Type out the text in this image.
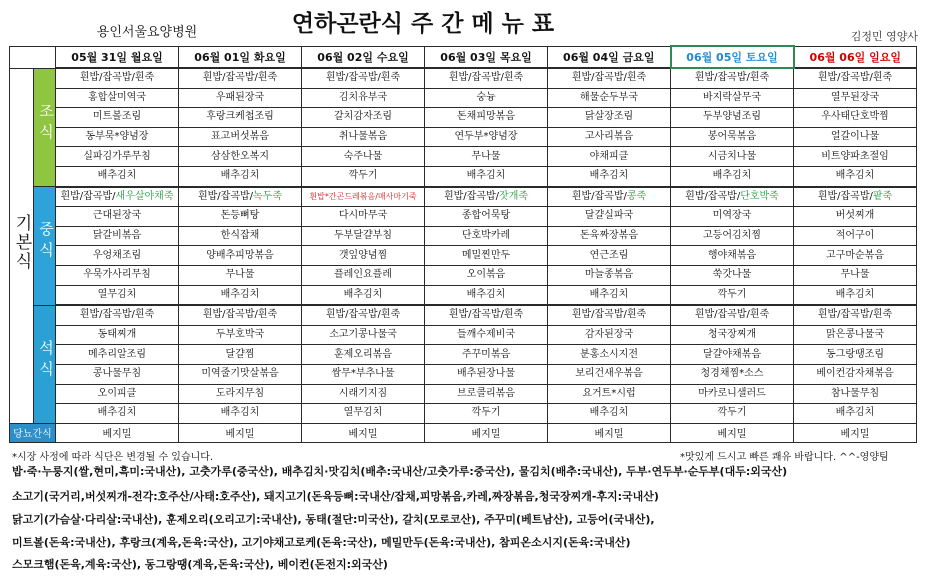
용인서울요양병원	연하곤란식 주 간 메 뉴 표	김정민 영양사
		05월 31일 월요일	06월 01일 화요일	06월 02일 수요일	06월 03일 목요일	06월 04일 금요일	06월 05일 토요일	06월 06일 일요일
기본식	조식	흰밥/잡곡밥/흰죽	흰밥/잡곡밥/흰죽	흰밥/잡곡밥/흰죽	흰밥/잡곡밥/흰죽	흰밥/잡곡밥/흰죽	흰밥/잡곡밥/흰죽	흰밥/잡곡밥/흰죽
		홍합살미역국	우패된장국	김치유부국	숭늉	해물순두부국	바지락살무국	열무된장국
		미트볼조림	후랑크케첩조림	갈치감자조림	돈채피망볶음	닭살장조림	두부양념조림	우사태단호박찜
		동부묵*양념장	표고버섯볶음	취나물볶음	연두부*양념장	고사리볶음	봉어묵볶음	얼갈이나물
		실파김가루무침	삼삼한오복지	숙주나물	무나물	야채피클	시금치나물	비트양파초절임
		배추김치	배추김치	깍두기	배추김치	배추김치	배추김치	배추김치
	중식	흰밥/잡곡밥/새우살야채죽	흰밥/잡곡밥/녹두죽	흰밥*간곤드레볶음/매사마기죽	흰밥/잡곡밥/잣개죽	흰밥/잡곡밥/콩죽	흰밥/잡곡밥/단호박죽	흰밥/잡곡밥/팥죽
		근대된장국	돈등뼈탕	다시마무국	종합어묵탕	달걀실파국	미역장국	버섯찌개
		닭갈비볶음	한식잡채	두부달걀부침	단호박카레	돈육짜장볶음	고등어김치찜	적어구이
		우엉채조림	양배추피망볶음	갯잎양념찜	메밀찐만두	연근조림	행야채볶음	고구마순볶음
		우묵가사리무침	무나물	플레인요플레	오이볶음	마늘종볶음	쑥갓나물	무나물
		열무김치	배추김치	배추김치	배추김치	배추김치	깍두기	배추김치
	석식	흰밥/잡곡밥/흰죽	흰밥/잡곡밥/흰죽	흰밥/잡곡밥/흰죽	흰밥/잡곡밥/흰죽	흰밥/잡곡밥/흰죽	흰밥/잡곡밥/흰죽	흰밥/잡곡밥/흰죽
		동태찌개	두부호박국	소고기콩나물국	들깨수제비국	감자된장국	청국장찌개	맑은콩나물국
		메추리알조림	달걀찜	훈제오리볶음	주꾸미볶음	분홍소시지전	달걀야채볶음	동그랑땡조림
		콩나물무침	미역줄기맛살볶음	쌈무*부추나물	배추된장나물	보리건새우볶음	청경채찜*소스	베이컨감자채볶음
		오이피클	도라지무침	시래기지짐	브로콜리볶음	요거트*시럽	마카로니샐러드	참나물무침
		배추김치	배추김치	열무김치	깍두기	배추김치	깍두기	배추김치
당뇨간식		베지밀	베지밀	베지밀	베지밀	베지밀	베지밀	베지밀
*시장 사정에 따라 식단은 변경될 수 있습니다.	*맛있게 드시고 빠른 쾌유 바랍니다. ^^-영양팀
밥·죽·누룽지(쌀,현미,흑미:국내산), 고춧가루(중국산), 배추김치·맛김치(배추:국내산/고춧가루:중국산), 물김치(배추:국내산), 두부·연두부·순두부(대두:외국산)
소고기(국거리,버섯찌개-전각:호주산/사태:호주산), 돼지고기(돈육등뼈:국내산/잡채,피망볶음,카레,짜장볶음,청국장찌개-후지:국내산)
닭고기(가슴살·다리살:국내산), 훈제오리(오리고기:국내산), 동태(절단:미국산), 갈치(모로코산), 주꾸미(베트남산), 고등어(국내산),
미트볼(돈육:국내산), 후랑크(계육,돈육:국산), 고기야채고로케(돈육:국산), 메밀만두(돈육:국내산), 참피온소시지(돈육:국내산)
스모크햄(돈육,계육:국산), 동그랑땡(계육,돈육:국산), 베이컨(돈전지:외국산)
